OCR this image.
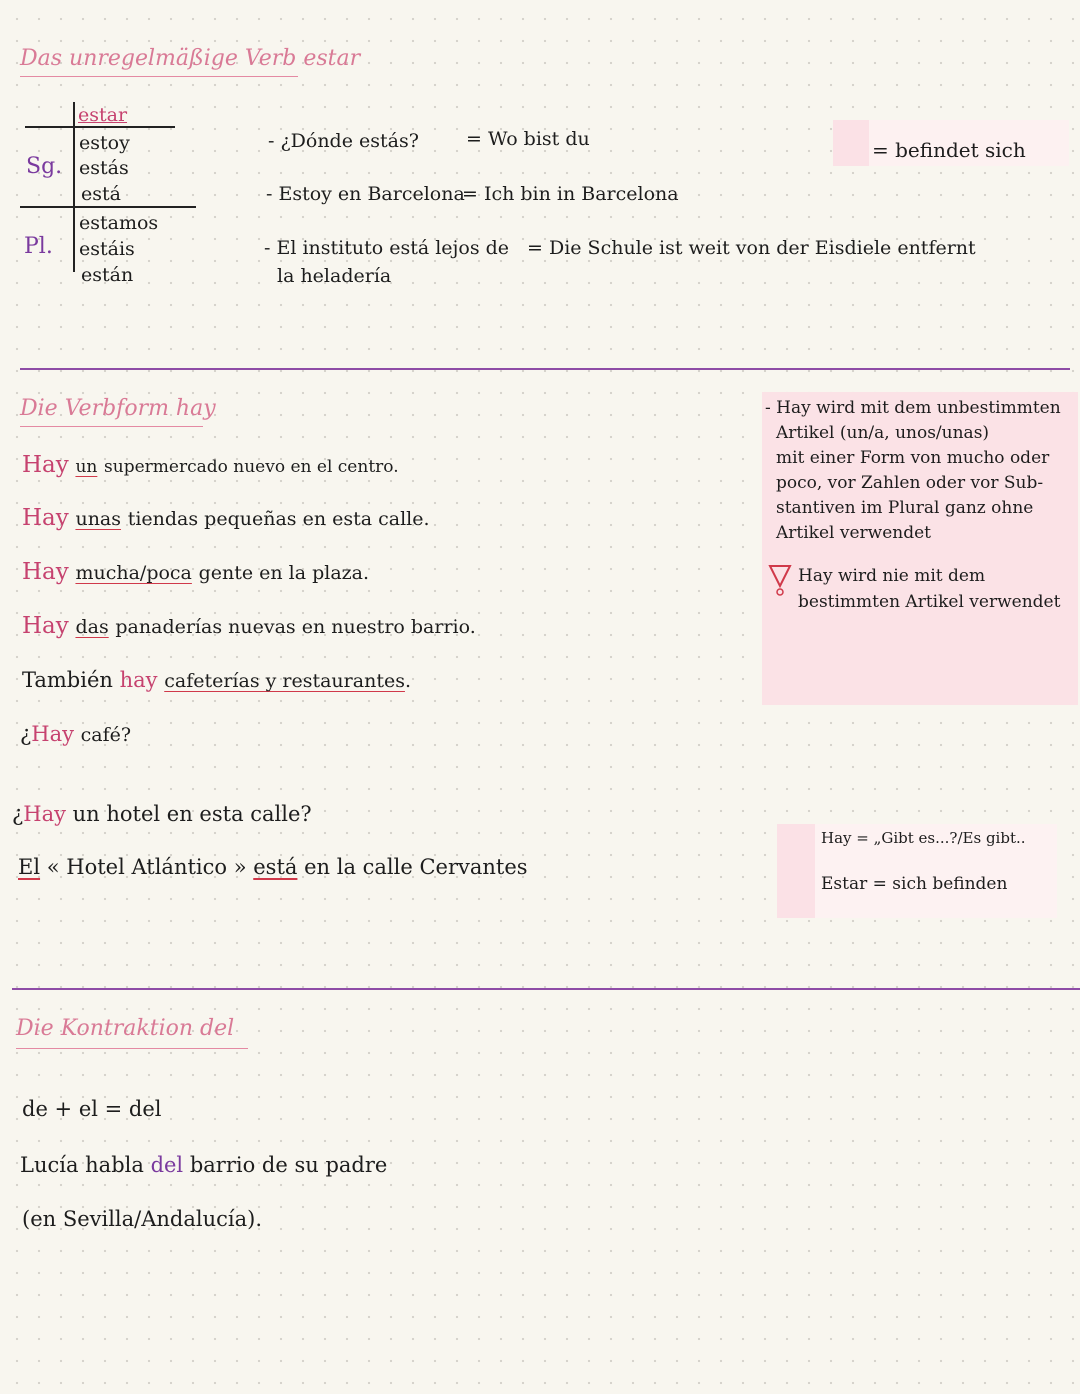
Das unregelmäßige Verb estar
estar
Sg.
Pl.
estoy
estás
está
estamos
estáis
están
- ¿Dónde estás? = Wo bist du
- Estoy en Barcelona
= Ich bin in Barcelona
- El instituto está lejos de
la heladería
= Die Schule ist weit von der Eisdiele entfernt
= befindet sich
Die Verbform hay
Hay un supermercado nuevo en el centro.
Hay unas tiendas pequeñas en esta calle.
Hay mucha/poca gente en la plaza.
Hay das panaderías nuevas en nuestro barrio.
También hay cafeterías y restaurantes.
¿Hay café?
¿Hay un hotel en esta calle?
El « Hotel Atlántico » está en la calle Cervantes
- Hay wird mit dem unbestimmten
Artikel (un/a, unos/unas)
mit einer Form von mucho oder
poco, vor Zahlen oder vor Sub-
stantiven im Plural ganz ohne
Artikel verwendet
Hay wird nie mit dem
bestimmten Artikel verwendet
Hay = „Gibt es...?/Es gibt..
Estar = sich befinden
Die Kontraktion del
de + el = del
Lucía habla del barrio de su padre
(en Sevilla/Andalucía).
